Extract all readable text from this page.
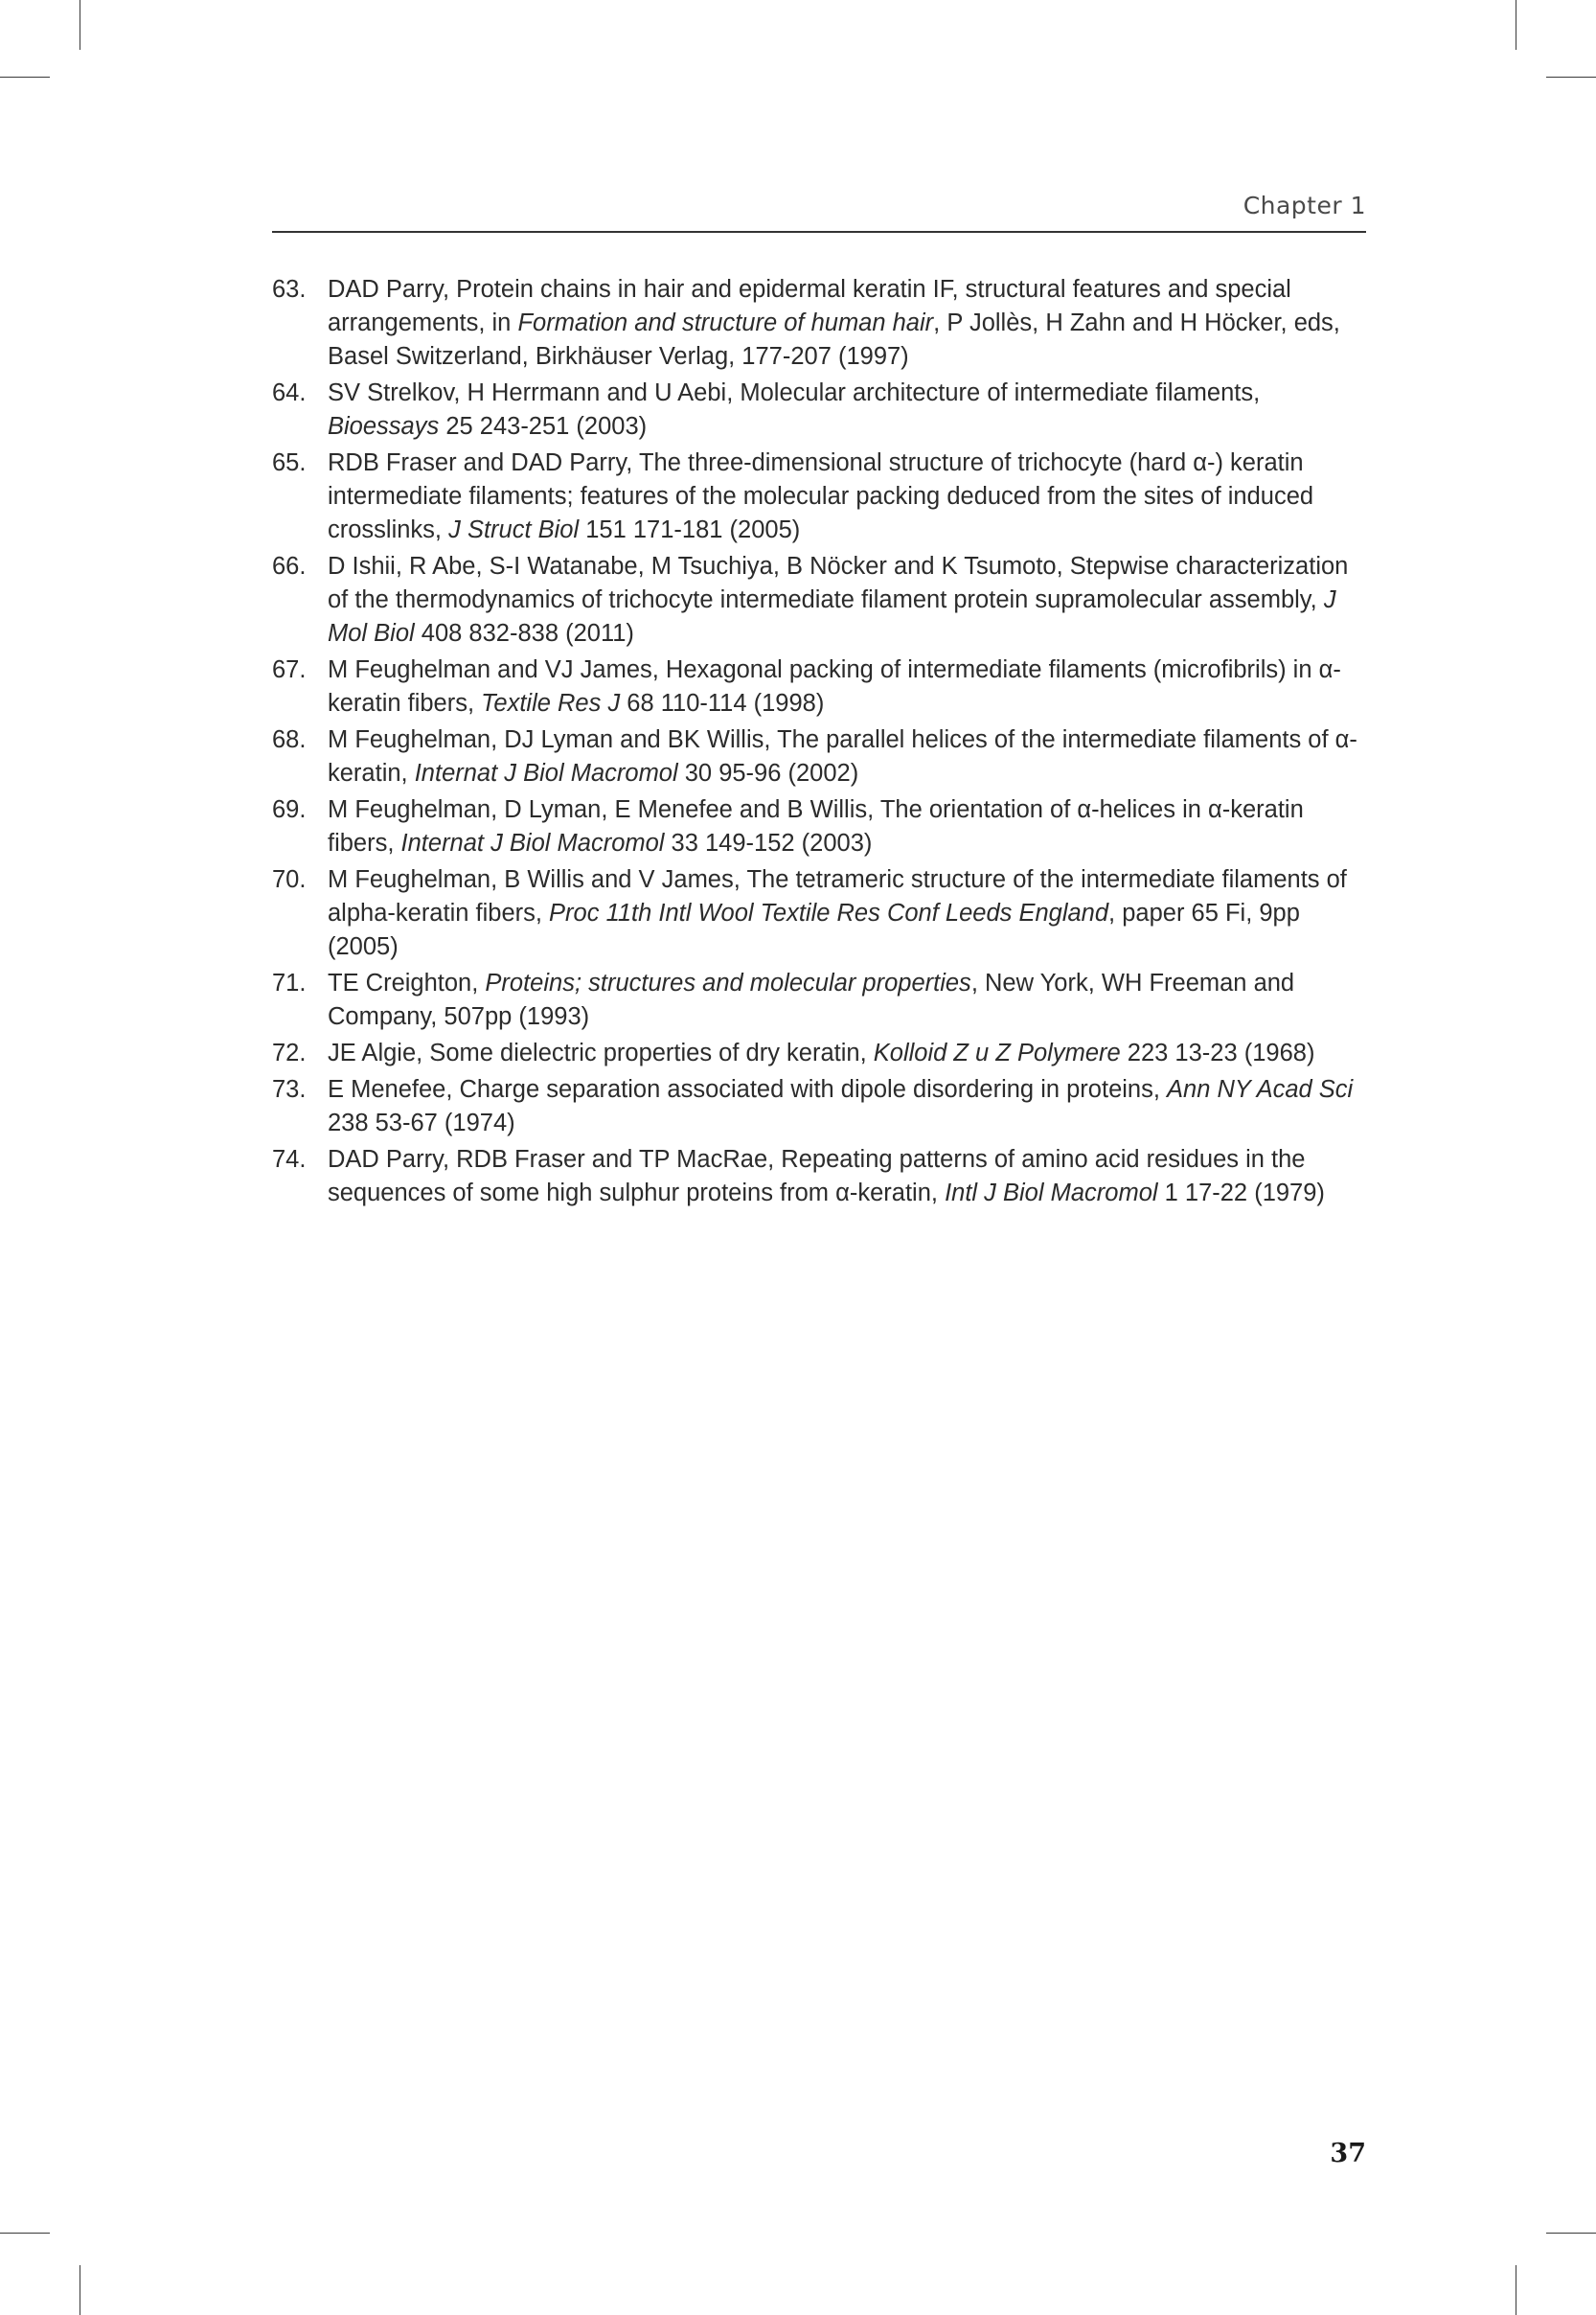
Chapter 1
63. DAD Parry, Protein chains in hair and epidermal keratin IF, structural features and special arrangements, in Formation and structure of human hair, P Jollès, H Zahn and H Höcker, eds, Basel Switzerland, Birkhäuser Verlag, 177-207 (1997)
64. SV Strelkov, H Herrmann and U Aebi, Molecular architecture of intermediate filaments, Bioessays 25 243-251 (2003)
65. RDB Fraser and DAD Parry, The three-dimensional structure of trichocyte (hard α-) keratin intermediate filaments; features of the molecular packing deduced from the sites of induced crosslinks, J Struct Biol 151 171-181 (2005)
66. D Ishii, R Abe, S-I Watanabe, M Tsuchiya, B Nöcker and K Tsumoto, Stepwise characterization of the thermodynamics of trichocyte intermediate filament protein supramolecular assembly, J Mol Biol 408 832-838 (2011)
67. M Feughelman and VJ James, Hexagonal packing of intermediate filaments (microfibrils) in α-keratin fibers, Textile Res J 68 110-114 (1998)
68. M Feughelman, DJ Lyman and BK Willis, The parallel helices of the intermediate filaments of α-keratin, Internat J Biol Macromol 30 95-96 (2002)
69. M Feughelman, D Lyman, E Menefee and B Willis, The orientation of α-helices in α-keratin fibers, Internat J Biol Macromol 33 149-152 (2003)
70. M Feughelman, B Willis and V James, The tetrameric structure of the intermediate filaments of alpha-keratin fibers, Proc 11th Intl Wool Textile Res Conf Leeds England, paper 65 Fi, 9pp (2005)
71. TE Creighton, Proteins; structures and molecular properties, New York, WH Freeman and Company, 507pp (1993)
72. JE Algie, Some dielectric properties of dry keratin, Kolloid Z u Z Polymere 223 13-23 (1968)
73. E Menefee, Charge separation associated with dipole disordering in proteins, Ann NY Acad Sci 238 53-67 (1974)
74. DAD Parry, RDB Fraser and TP MacRae, Repeating patterns of amino acid residues in the sequences of some high sulphur proteins from α-keratin, Intl J Biol Macromol 1 17-22 (1979)
37
